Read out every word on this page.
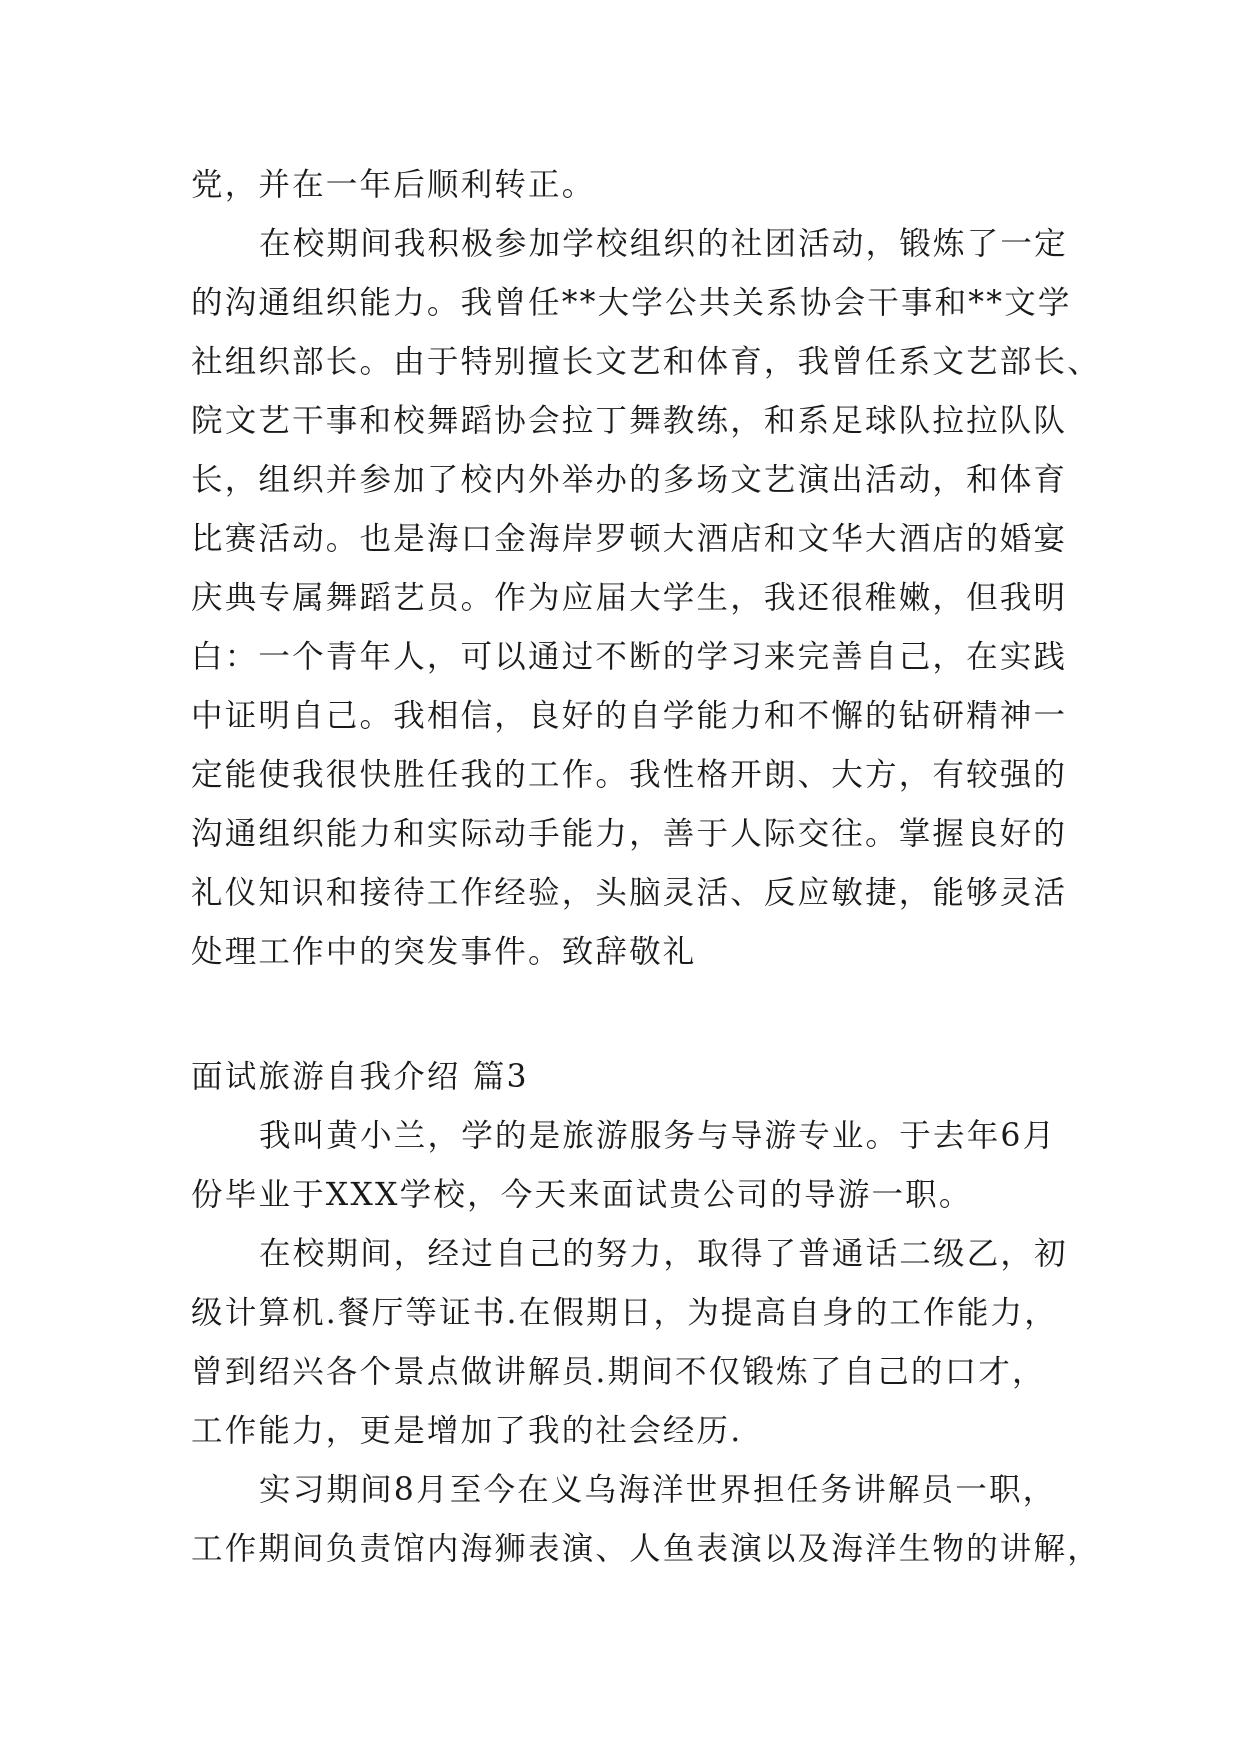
党，并在一年后顺利转正。
在校期间我积极参加学校组织的社团活动，锻炼了一定
的沟通组织能力。我曾任**大学公共关系协会干事和**文学
社组织部长。由于特别擅长文艺和体育，我曾任系文艺部长、
院文艺干事和校舞蹈协会拉丁舞教练，和系足球队拉拉队队
长，组织并参加了校内外举办的多场文艺演出活动，和体育
比赛活动。也是海口金海岸罗顿大酒店和文华大酒店的婚宴
庆典专属舞蹈艺员。作为应届大学生，我还很稚嫩，但我明
白：一个青年人，可以通过不断的学习来完善自己，在实践
中证明自己。我相信，良好的自学能力和不懈的钻研精神一
定能使我很快胜任我的工作。我性格开朗、大方，有较强的
沟通组织能力和实际动手能力，善于人际交往。掌握良好的
礼仪知识和接待工作经验，头脑灵活、反应敏捷，能够灵活
处理工作中的突发事件。致辞敬礼
面试旅游自我介绍 篇3
我叫黄小兰，学的是旅游服务与导游专业。于去年6月
份毕业于XXX学校，今天来面试贵公司的导游一职。
在校期间，经过自己的努力，取得了普通话二级乙，初
级计算机.餐厅等证书.在假期日，为提高自身的工作能力，
曾到绍兴各个景点做讲解员.期间不仅锻炼了自己的口才，
工作能力，更是增加了我的社会经历.
实习期间8月至今在义乌海洋世界担任务讲解员一职，
工作期间负责馆内海狮表演、人鱼表演以及海洋生物的讲解，
